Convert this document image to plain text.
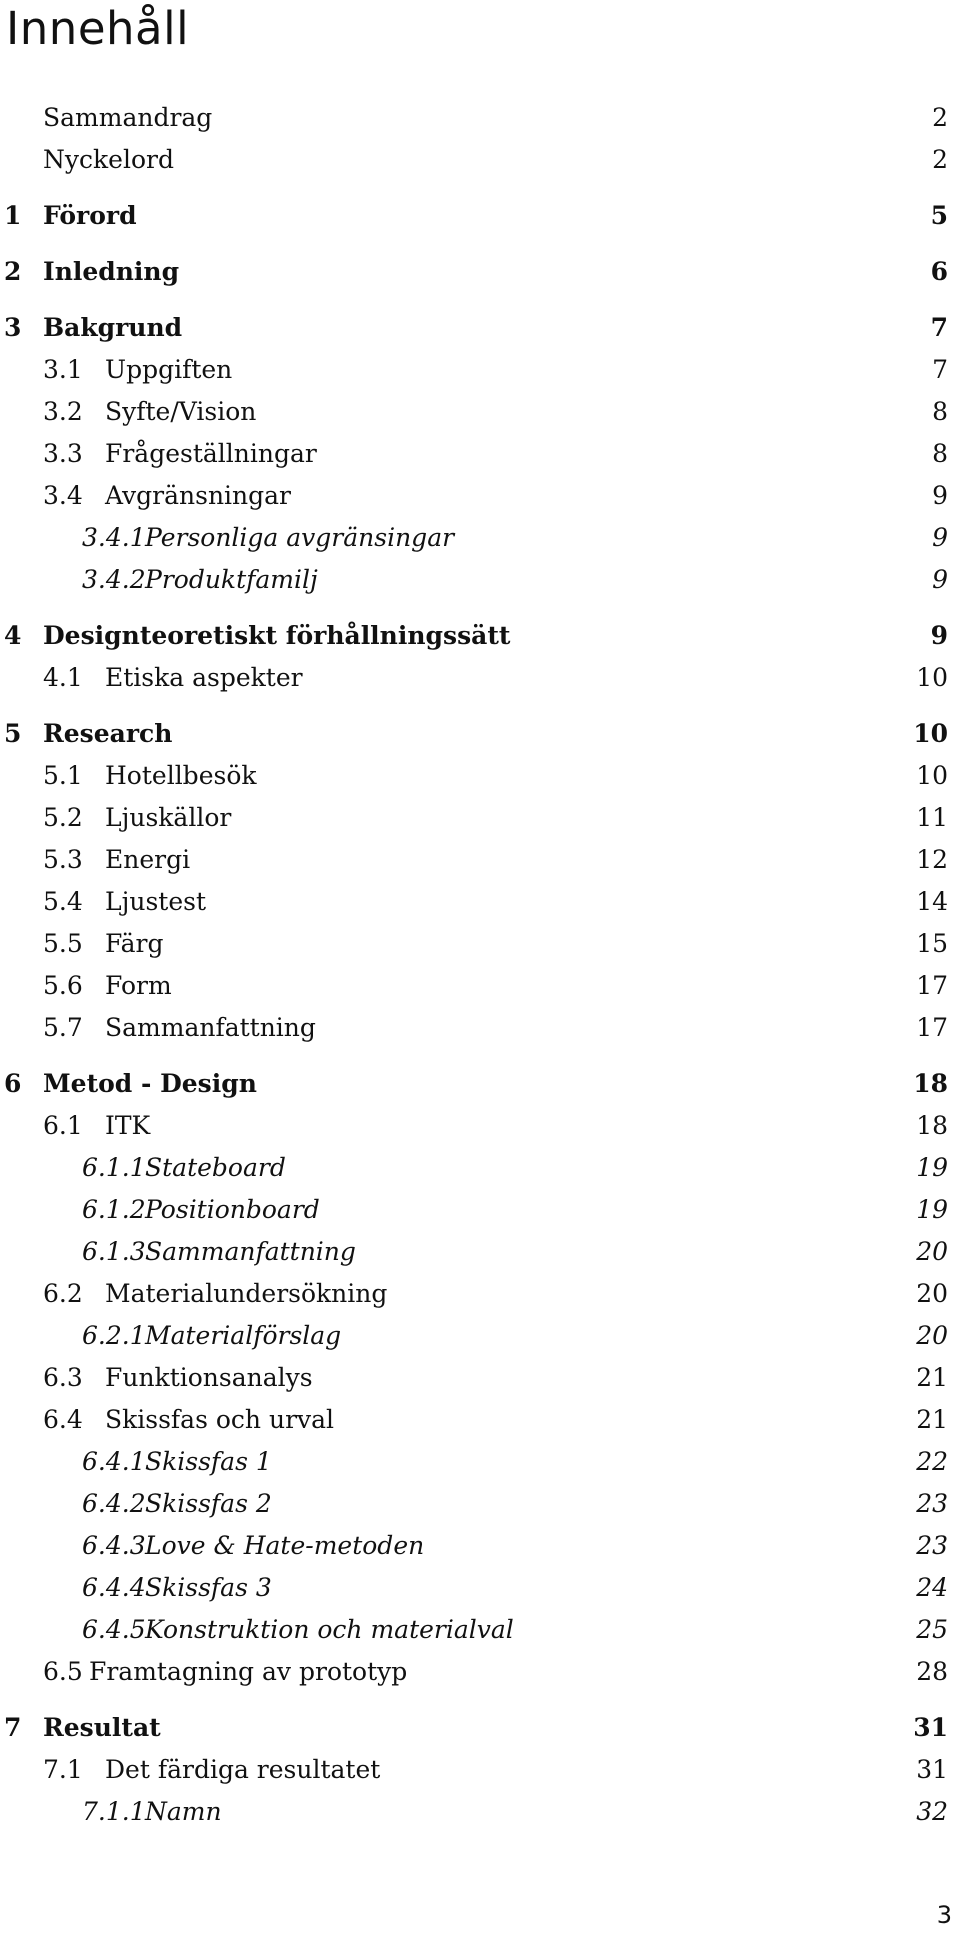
Innehåll
Sammandrag	2
Nyckelord	2
1 Förord	5
2 Inledning	6
3 Bakgrund	7
3.1 Uppgiften	7
3.2 Syfte/Vision	8
3.3 Frågeställningar	8
3.4 Avgränsningar	9
3.4.1 Personliga avgränsingar	9
3.4.2 Produktfamilj	9
4 Designteoretiskt förhållningssätt	9
4.1 Etiska aspekter	10
5 Research	10
5.1 Hotellbesök	10
5.2 Ljuskällor	11
5.3 Energi	12
5.4 Ljustest	14
5.5 Färg	15
5.6 Form	17
5.7 Sammanfattning	17
6 Metod - Design	18
6.1 ITK	18
6.1.1 Stateboard	19
6.1.2 Positionboard	19
6.1.3 Sammanfattning	20
6.2 Materialundersökning	20
6.2.1 Materialförslag	20
6.3 Funktionsanalys	21
6.4 Skissfas och urval	21
6.4.1 Skissfas 1	22
6.4.2 Skissfas 2	23
6.4.3 Love & Hate-metoden	23
6.4.4 Skissfas 3	24
6.4.5 Konstruktion och materialval	25
6.5 Framtagning av prototyp	28
7 Resultat	31
7.1 Det färdiga resultatet	31
7.1.1 Namn	32
3
